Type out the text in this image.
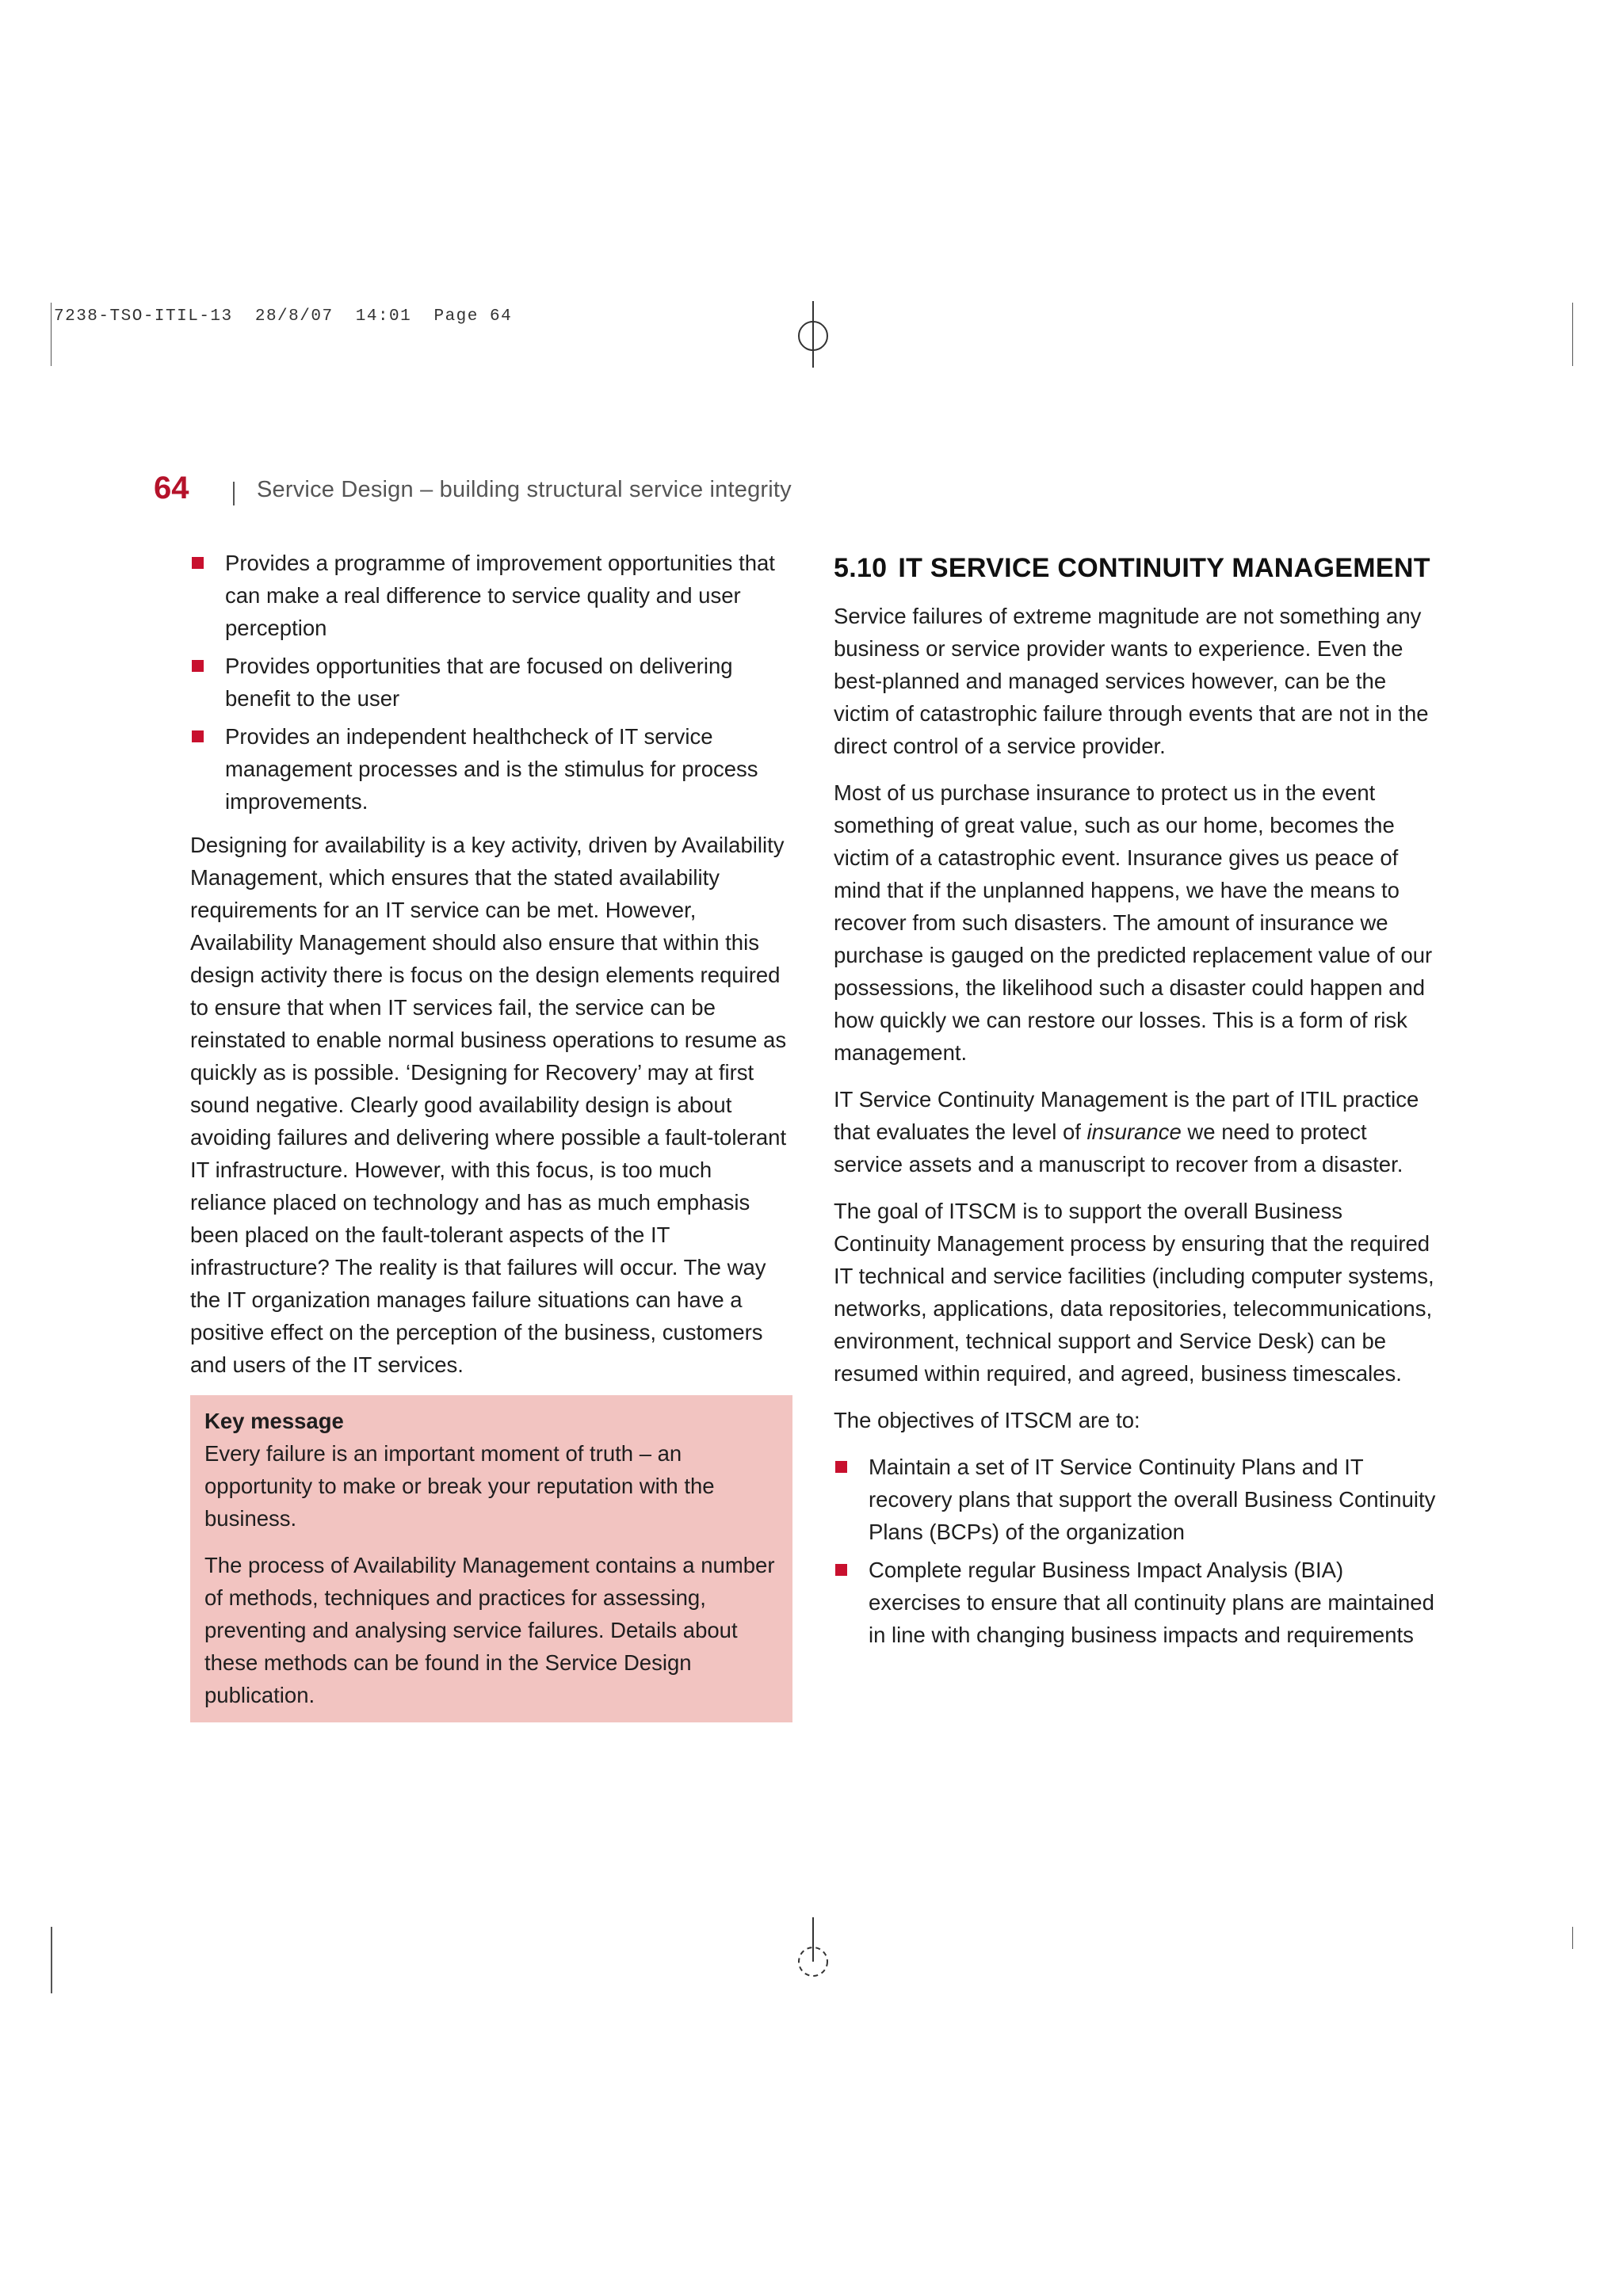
7238-TSO-ITIL-13  28/8/07  14:01  Page 64
64	Service Design – building structural service integrity
Provides a programme of improvement opportunities that can make a real difference to service quality and user perception
Provides opportunities that are focused on delivering benefit to the user
Provides an independent healthcheck of IT service management processes and is the stimulus for process improvements.

Designing for availability is a key activity, driven by Availability Management, which ensures that the stated availability requirements for an IT service can be met. However, Availability Management should also ensure that within this design activity there is focus on the design elements required to ensure that when IT services fail, the service can be reinstated to enable normal business operations to resume as quickly as is possible. ‘Designing for Recovery’ may at first sound negative. Clearly good availability design is about avoiding failures and delivering where possible a fault-tolerant IT infrastructure. However, with this focus, is too much reliance placed on technology and has as much emphasis been placed on the fault-tolerant aspects of the IT infrastructure? The reality is that failures will occur. The way the IT organization manages failure situations can have a positive effect on the perception of the business, customers and users of the IT services.

Key message

Every failure is an important moment of truth – an opportunity to make or break your reputation with the business.

The process of Availability Management contains a number of methods, techniques and practices for assessing, preventing and analysing service failures. Details about these methods can be found in the Service Design publication.

5.10 IT SERVICE CONTINUITY MANAGEMENT

Service failures of extreme magnitude are not something any business or service provider wants to experience. Even the best-planned and managed services however, can be the victim of catastrophic failure through events that are not in the direct control of a service provider.

Most of us purchase insurance to protect us in the event something of great value, such as our home, becomes the victim of a catastrophic event. Insurance gives us peace of mind that if the unplanned happens, we have the means to recover from such disasters. The amount of insurance we purchase is gauged on the predicted replacement value of our possessions, the likelihood such a disaster could happen and how quickly we can restore our losses. This is a form of risk management.

IT Service Continuity Management is the part of ITIL practice that evaluates the level of insurance we need to protect service assets and a manuscript to recover from a disaster.

The goal of ITSCM is to support the overall Business Continuity Management process by ensuring that the required IT technical and service facilities (including computer systems, networks, applications, data repositories, telecommunications, environment, technical support and Service Desk) can be resumed within required, and agreed, business timescales.

The objectives of ITSCM are to:

Maintain a set of IT Service Continuity Plans and IT recovery plans that support the overall Business Continuity Plans (BCPs) of the organization
Complete regular Business Impact Analysis (BIA) exercises to ensure that all continuity plans are maintained in line with changing business impacts and requirements
